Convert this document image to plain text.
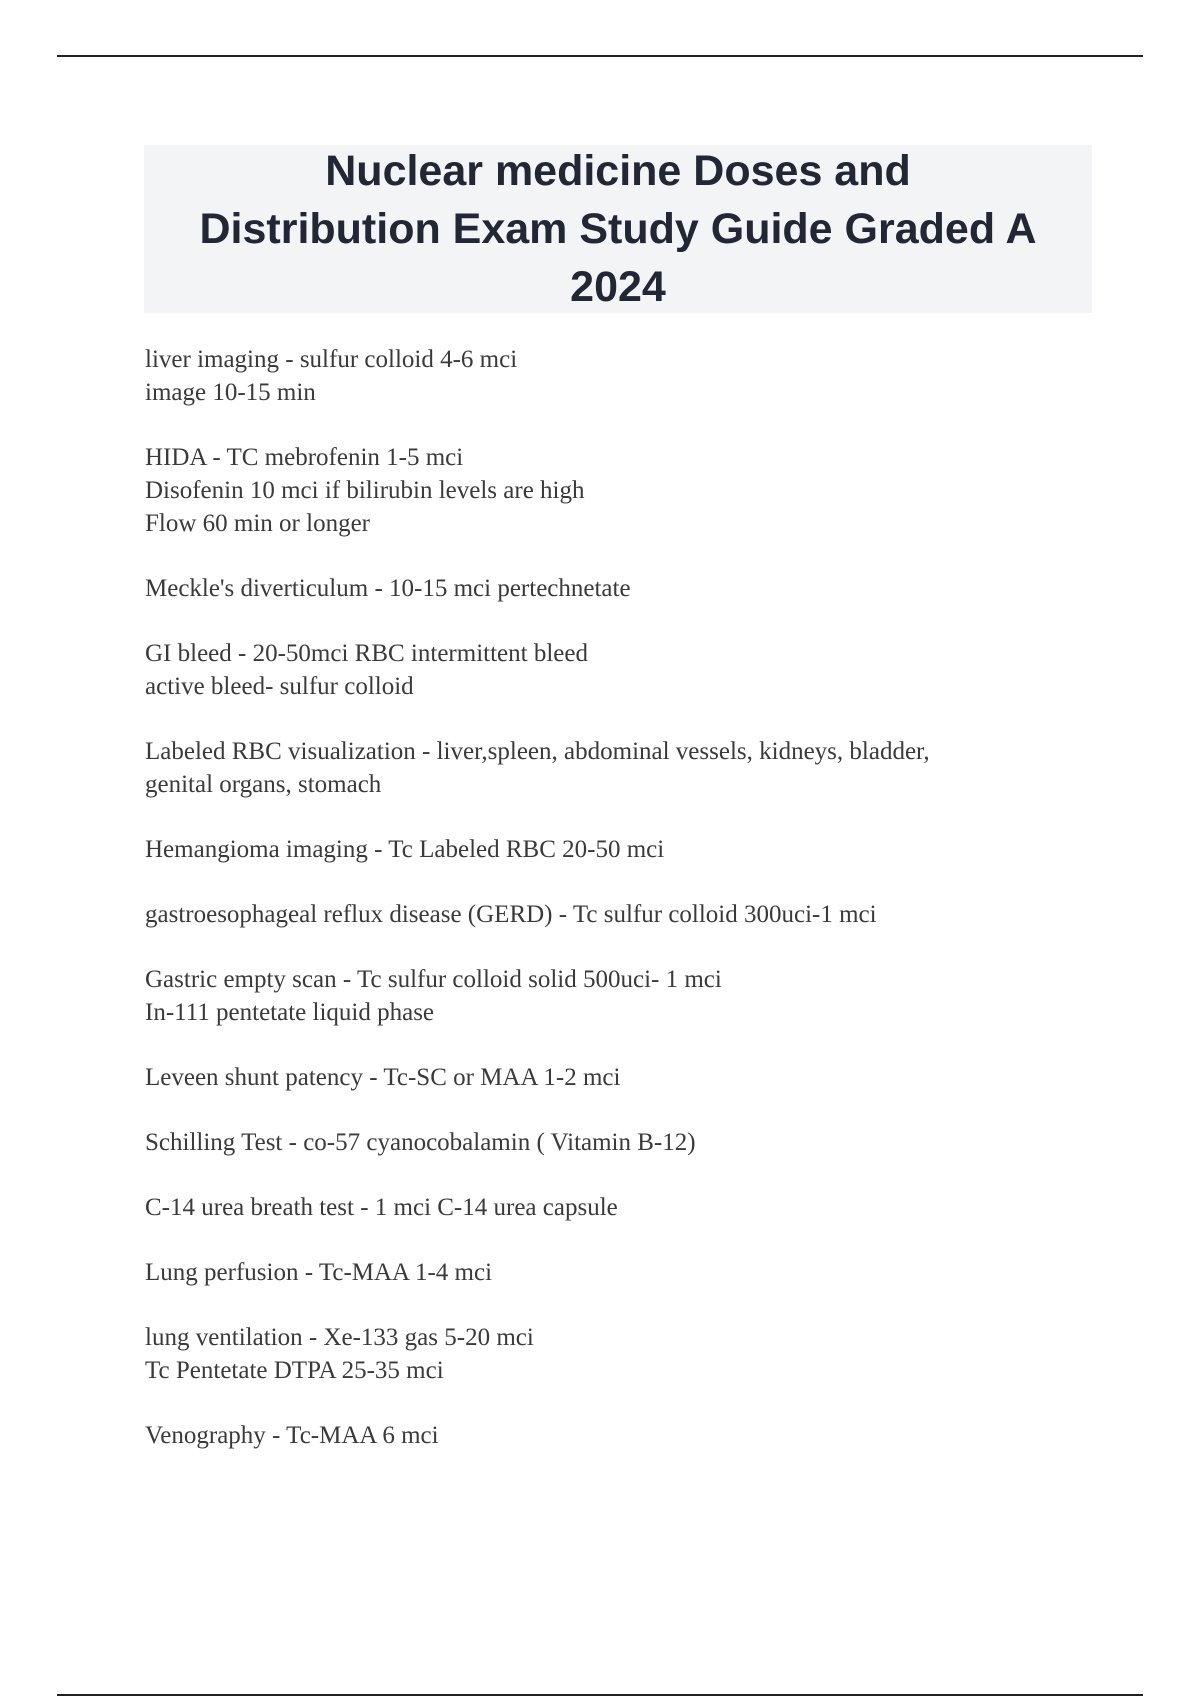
Nuclear medicine Doses and
Distribution Exam Study Guide Graded A
2024

liver imaging - sulfur colloid 4-6 mci
image 10-15 min

HIDA - TC mebrofenin 1-5 mci
Disofenin 10 mci if bilirubin levels are high
Flow 60 min or longer

Meckle's diverticulum - 10-15 mci pertechnetate

GI bleed - 20-50mci RBC intermittent bleed
active bleed- sulfur colloid

Labeled RBC visualization - liver,spleen, abdominal vessels, kidneys, bladder,
genital organs, stomach

Hemangioma imaging - Tc Labeled RBC 20-50 mci

gastroesophageal reflux disease (GERD) - Tc sulfur colloid 300uci-1 mci

Gastric empty scan - Tc sulfur colloid solid 500uci- 1 mci
In-111 pentetate liquid phase

Leveen shunt patency - Tc-SC or MAA 1-2 mci

Schilling Test - co-57 cyanocobalamin ( Vitamin B-12)

C-14 urea breath test - 1 mci C-14 urea capsule

Lung perfusion - Tc-MAA 1-4 mci

lung ventilation - Xe-133 gas 5-20 mci
Tc Pentetate DTPA 25-35 mci

Venography - Tc-MAA 6 mci
